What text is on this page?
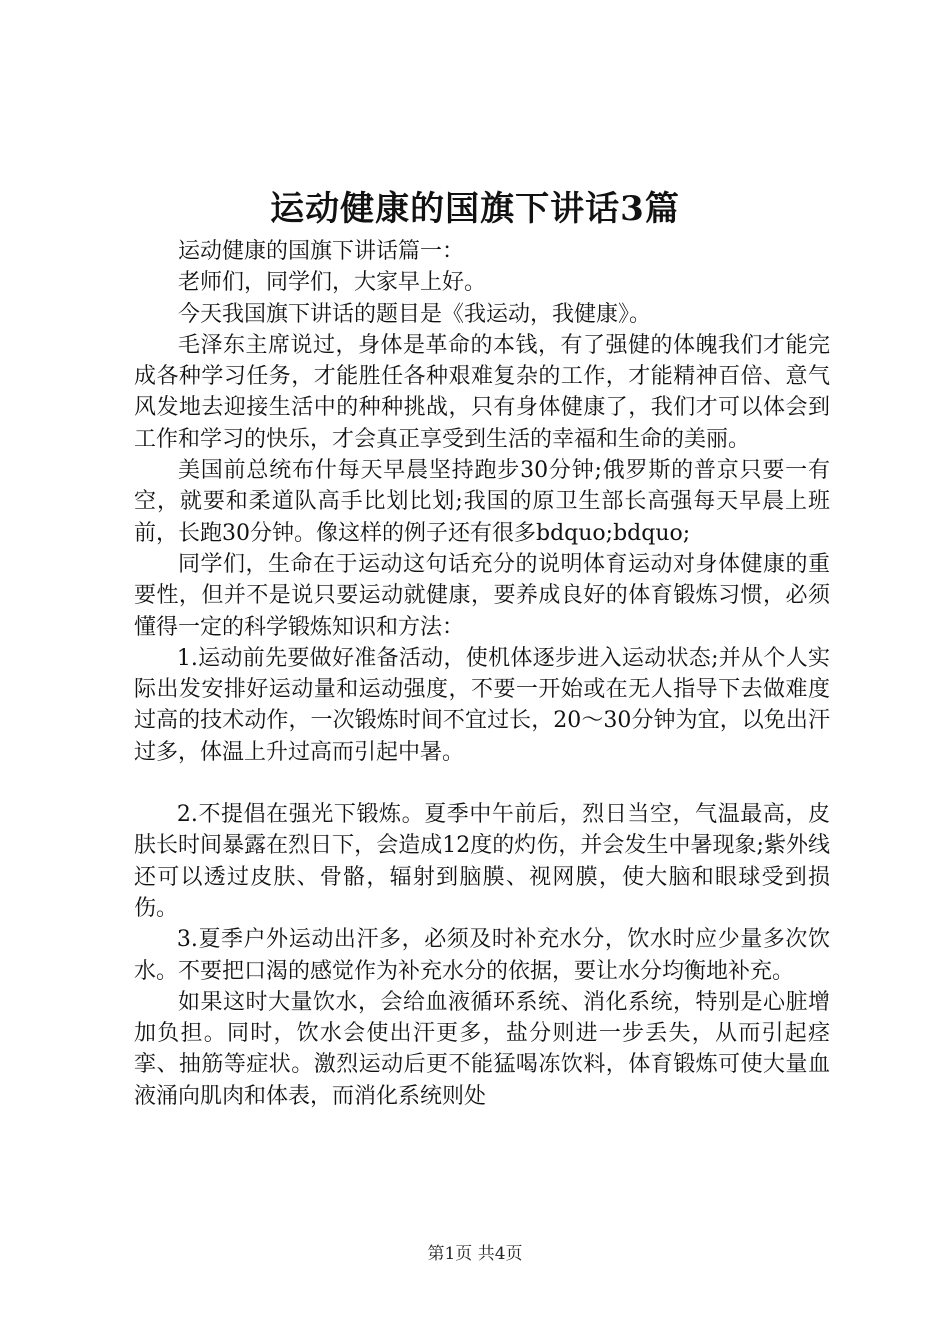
运动健康的国旗下讲话3篇

运动健康的国旗下讲话篇一：

老师们，同学们，大家早上好。

今天我国旗下讲话的题目是《我运动，我健康》。

毛泽东主席说过，身体是革命的本钱，有了强健的体魄我们才能完成各种学习任务，才能胜任各种艰难复杂的工作，才能精神百倍、意气风发地去迎接生活中的种种挑战，只有身体健康了，我们才可以体会到工作和学习的快乐，才会真正享受到生活的幸福和生命的美丽。

美国前总统布什每天早晨坚持跑步30分钟;俄罗斯的普京只要一有空，就要和柔道队高手比划比划;我国的原卫生部长高强每天早晨上班前，长跑30分钟。像这样的例子还有很多bdquo;bdquo;

同学们，生命在于运动这句话充分的说明体育运动对身体健康的重要性，但并不是说只要运动就健康，要养成良好的体育锻炼习惯，必须懂得一定的科学锻炼知识和方法：

1.运动前先要做好准备活动，使机体逐步进入运动状态;并从个人实际出发安排好运动量和运动强度，不要一开始或在无人指导下去做难度过高的技术动作，一次锻炼时间不宜过长，20～30分钟为宜，以免出汗过多，体温上升过高而引起中暑。

2.不提倡在强光下锻炼。夏季中午前后，烈日当空，气温最高，皮肤长时间暴露在烈日下，会造成12度的灼伤，并会发生中暑现象;紫外线还可以透过皮肤、骨骼，辐射到脑膜、视网膜，使大脑和眼球受到损伤。

3.夏季户外运动出汗多，必须及时补充水分，饮水时应少量多次饮水。不要把口渴的感觉作为补充水分的依据，要让水分均衡地补充。

如果这时大量饮水，会给血液循环系统、消化系统，特别是心脏增加负担。同时，饮水会使出汗更多，盐分则进一步丢失，从而引起痉挛、抽筋等症状。激烈运动后更不能猛喝冻饮料，体育锻炼可使大量血液涌向肌肉和体表，而消化系统则处

第1页 共4页
